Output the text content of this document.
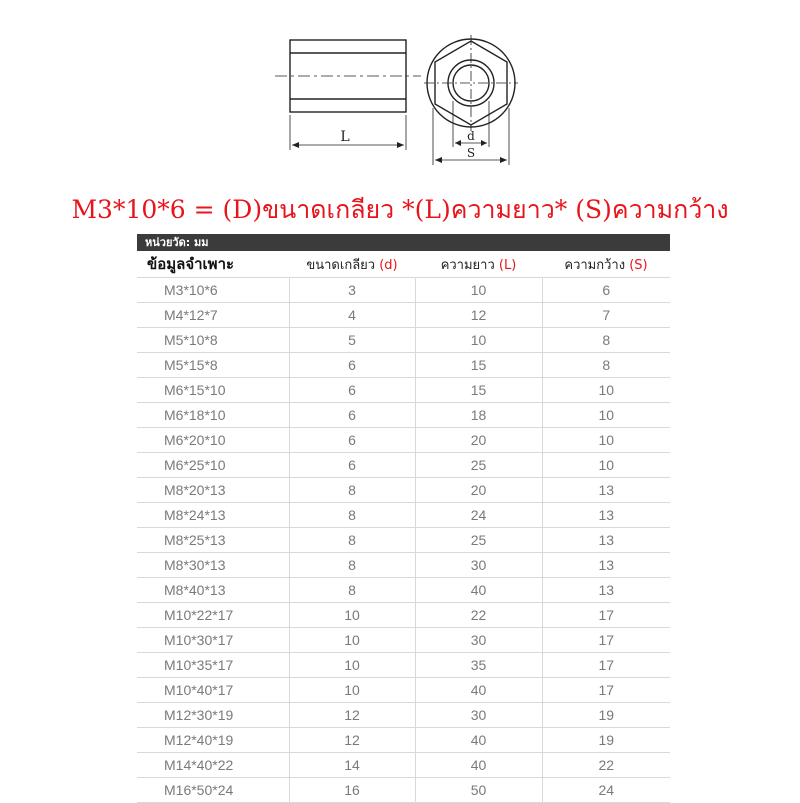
L	d
S
M3*10*6 = (D)ขนาดเกลียว *(L)ความยาว* (S)ความกว้าง
หน่วยวัด: มม			
ข้อมูลจำเพาะ	ขนาดเกลียว (d)	ความยาว (L)	ความกว้าง (S)
M3*10*6	3	10	6
M4*12*7	4	12	7
M5*10*8	5	10	8
M5*15*8	6	15	8
M6*15*10	6	15	10
M6*18*10	6	18	10
M6*20*10	6	20	10
M6*25*10	6	25	10
M8*20*13	8	20	13
M8*24*13	8	24	13
M8*25*13	8	25	13
M8*30*13	8	30	13
M8*40*13	8	40	13
M10*22*17	10	22	17
M10*30*17	10	30	17
M10*35*17	10	35	17
M10*40*17	10	40	17
M12*30*19	12	30	19
M12*40*19	12	40	19
M14*40*22	14	40	22
M16*50*24	16	50	24
